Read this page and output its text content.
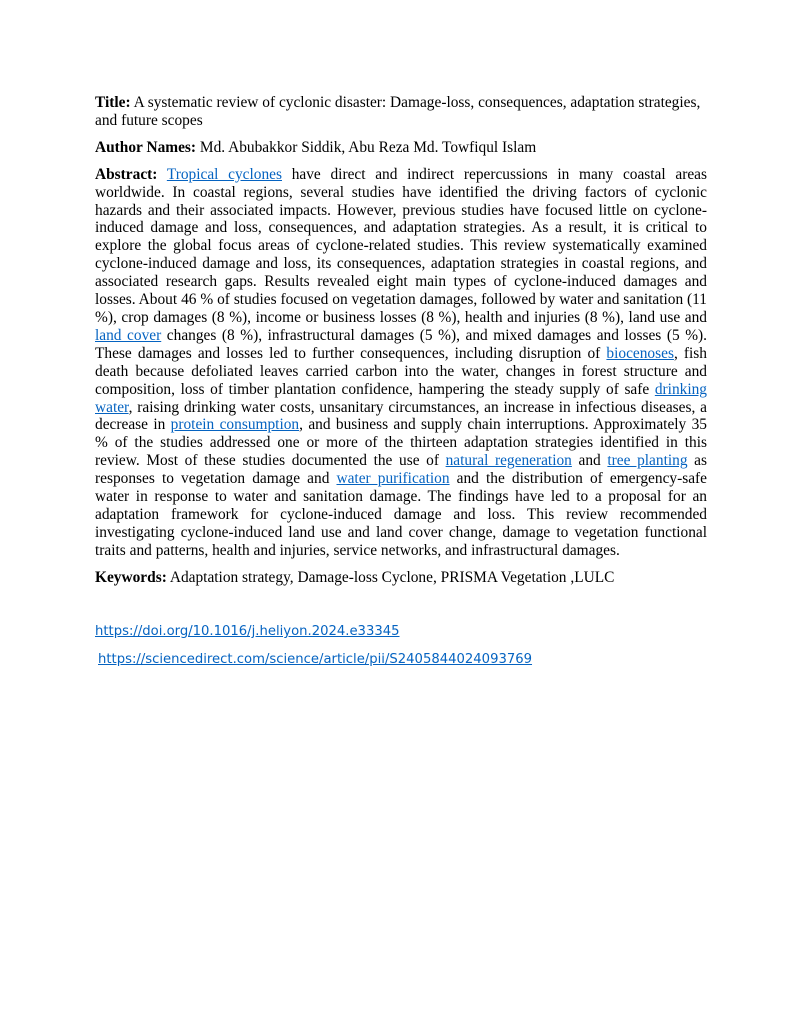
Title: A systematic review of cyclonic disaster: Damage-loss, consequences, adaptation strategies, and future scopes

Author Names: Md. Abubakkor Siddik, Abu Reza Md. Towfiqul Islam

Abstract: Tropical cyclones have direct and indirect repercussions in many coastal areas worldwide. In coastal regions, several studies have identified the driving factors of cyclonic hazards and their associated impacts. However, previous studies have focused little on cyclone-induced damage and loss, consequences, and adaptation strategies. As a result, it is critical to explore the global focus areas of cyclone-related studies. This review systematically examined cyclone-induced damage and loss, its consequences, adaptation strategies in coastal regions, and associated research gaps. Results revealed eight main types of cyclone-induced damages and losses. About 46 % of studies focused on vegetation damages, followed by water and sanitation (11 %), crop damages (8 %), income or business losses (8 %), health and injuries (8 %), land use and land cover changes (8 %), infrastructural damages (5 %), and mixed damages and losses (5 %). These damages and losses led to further consequences, including disruption of biocenoses, fish death because defoliated leaves carried carbon into the water, changes in forest structure and composition, loss of timber plantation confidence, hampering the steady supply of safe drinking water, raising drinking water costs, unsanitary circumstances, an increase in infectious diseases, a decrease in protein consumption, and business and supply chain interruptions. Approximately 35 % of the studies addressed one or more of the thirteen adaptation strategies identified in this review. Most of these studies documented the use of natural regeneration and tree planting as responses to vegetation damage and water purification and the distribution of emergency-safe water in response to water and sanitation damage. The findings have led to a proposal for an adaptation framework for cyclone-induced damage and loss. This review recommended investigating cyclone-induced land use and land cover change, damage to vegetation functional traits and patterns, health and injuries, service networks, and infrastructural damages.

Keywords: Adaptation strategy, Damage-loss Cyclone, PRISMA Vegetation ,LULC

https://doi.org/10.1016/j.heliyon.2024.e33345
https://sciencedirect.com/science/article/pii/S2405844024093769
